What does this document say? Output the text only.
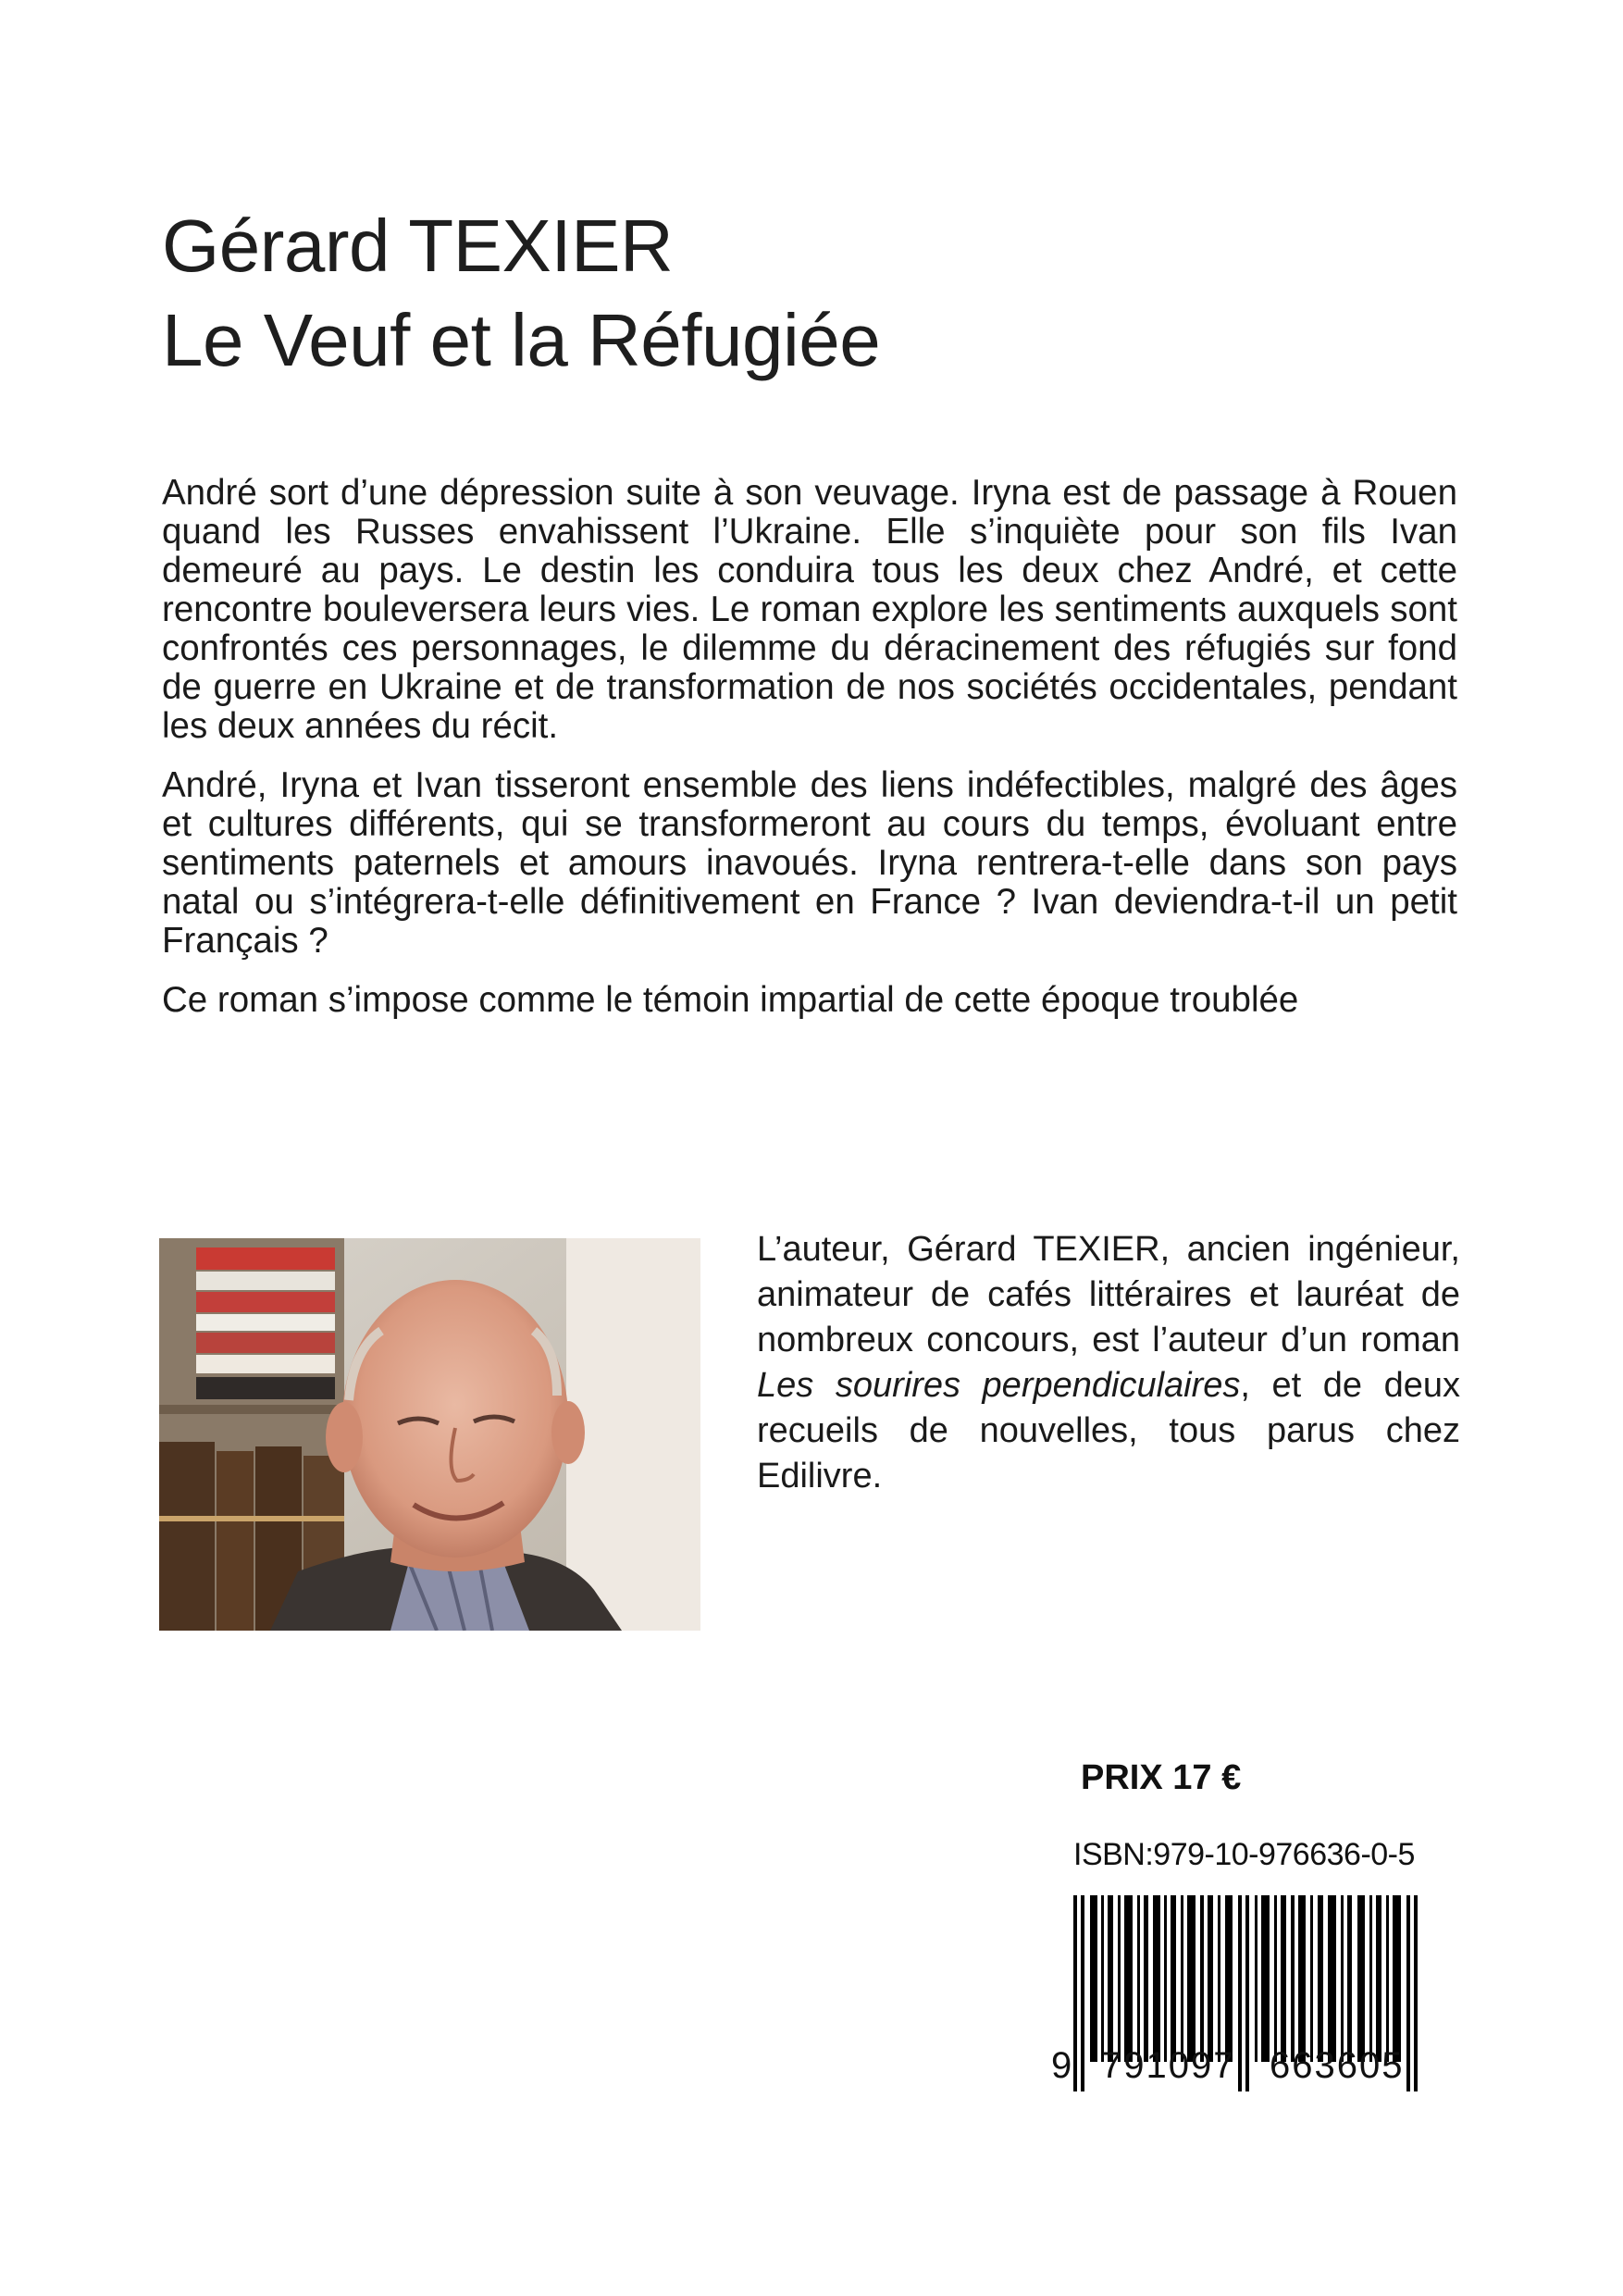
Gérard TEXIER

Le Veuf et la Réfugiée

André sort d’une dépression suite à son veuvage. Iryna est de passage à Rouen quand les Russes envahissent l’Ukraine. Elle s’inquiète pour son fils Ivan demeuré au pays. Le destin les conduira tous les deux chez André, et cette rencontre bouleversera leurs vies. Le roman explore les sentiments auxquels sont confrontés ces personnages, le dilemme du déracinement des réfugiés sur fond de guerre en Ukraine et de transformation de nos sociétés occidentales, pendant les deux années du récit.

André, Iryna et Ivan tisseront ensemble des liens indéfectibles, malgré des âges et cultures différents, qui se transformeront au cours du temps, évoluant entre sentiments paternels et amours inavoués. Iryna rentrera-t-elle dans son pays natal ou s’intégrera-t-elle définitivement en France ? Ivan deviendra-t-il un petit Français ?

Ce roman s’impose comme le témoin impartial de cette époque troublée

L’auteur, Gérard TEXIER, ancien ingénieur, animateur de cafés littéraires et lauréat de nombreux concours, est l’auteur d’un roman Les sourires perpendiculaires, et de deux recueils de nouvelles, tous parus chez Edilivre.
PRIX 17 €
ISBN:979-10-976636-0-5
9 791097 663605
